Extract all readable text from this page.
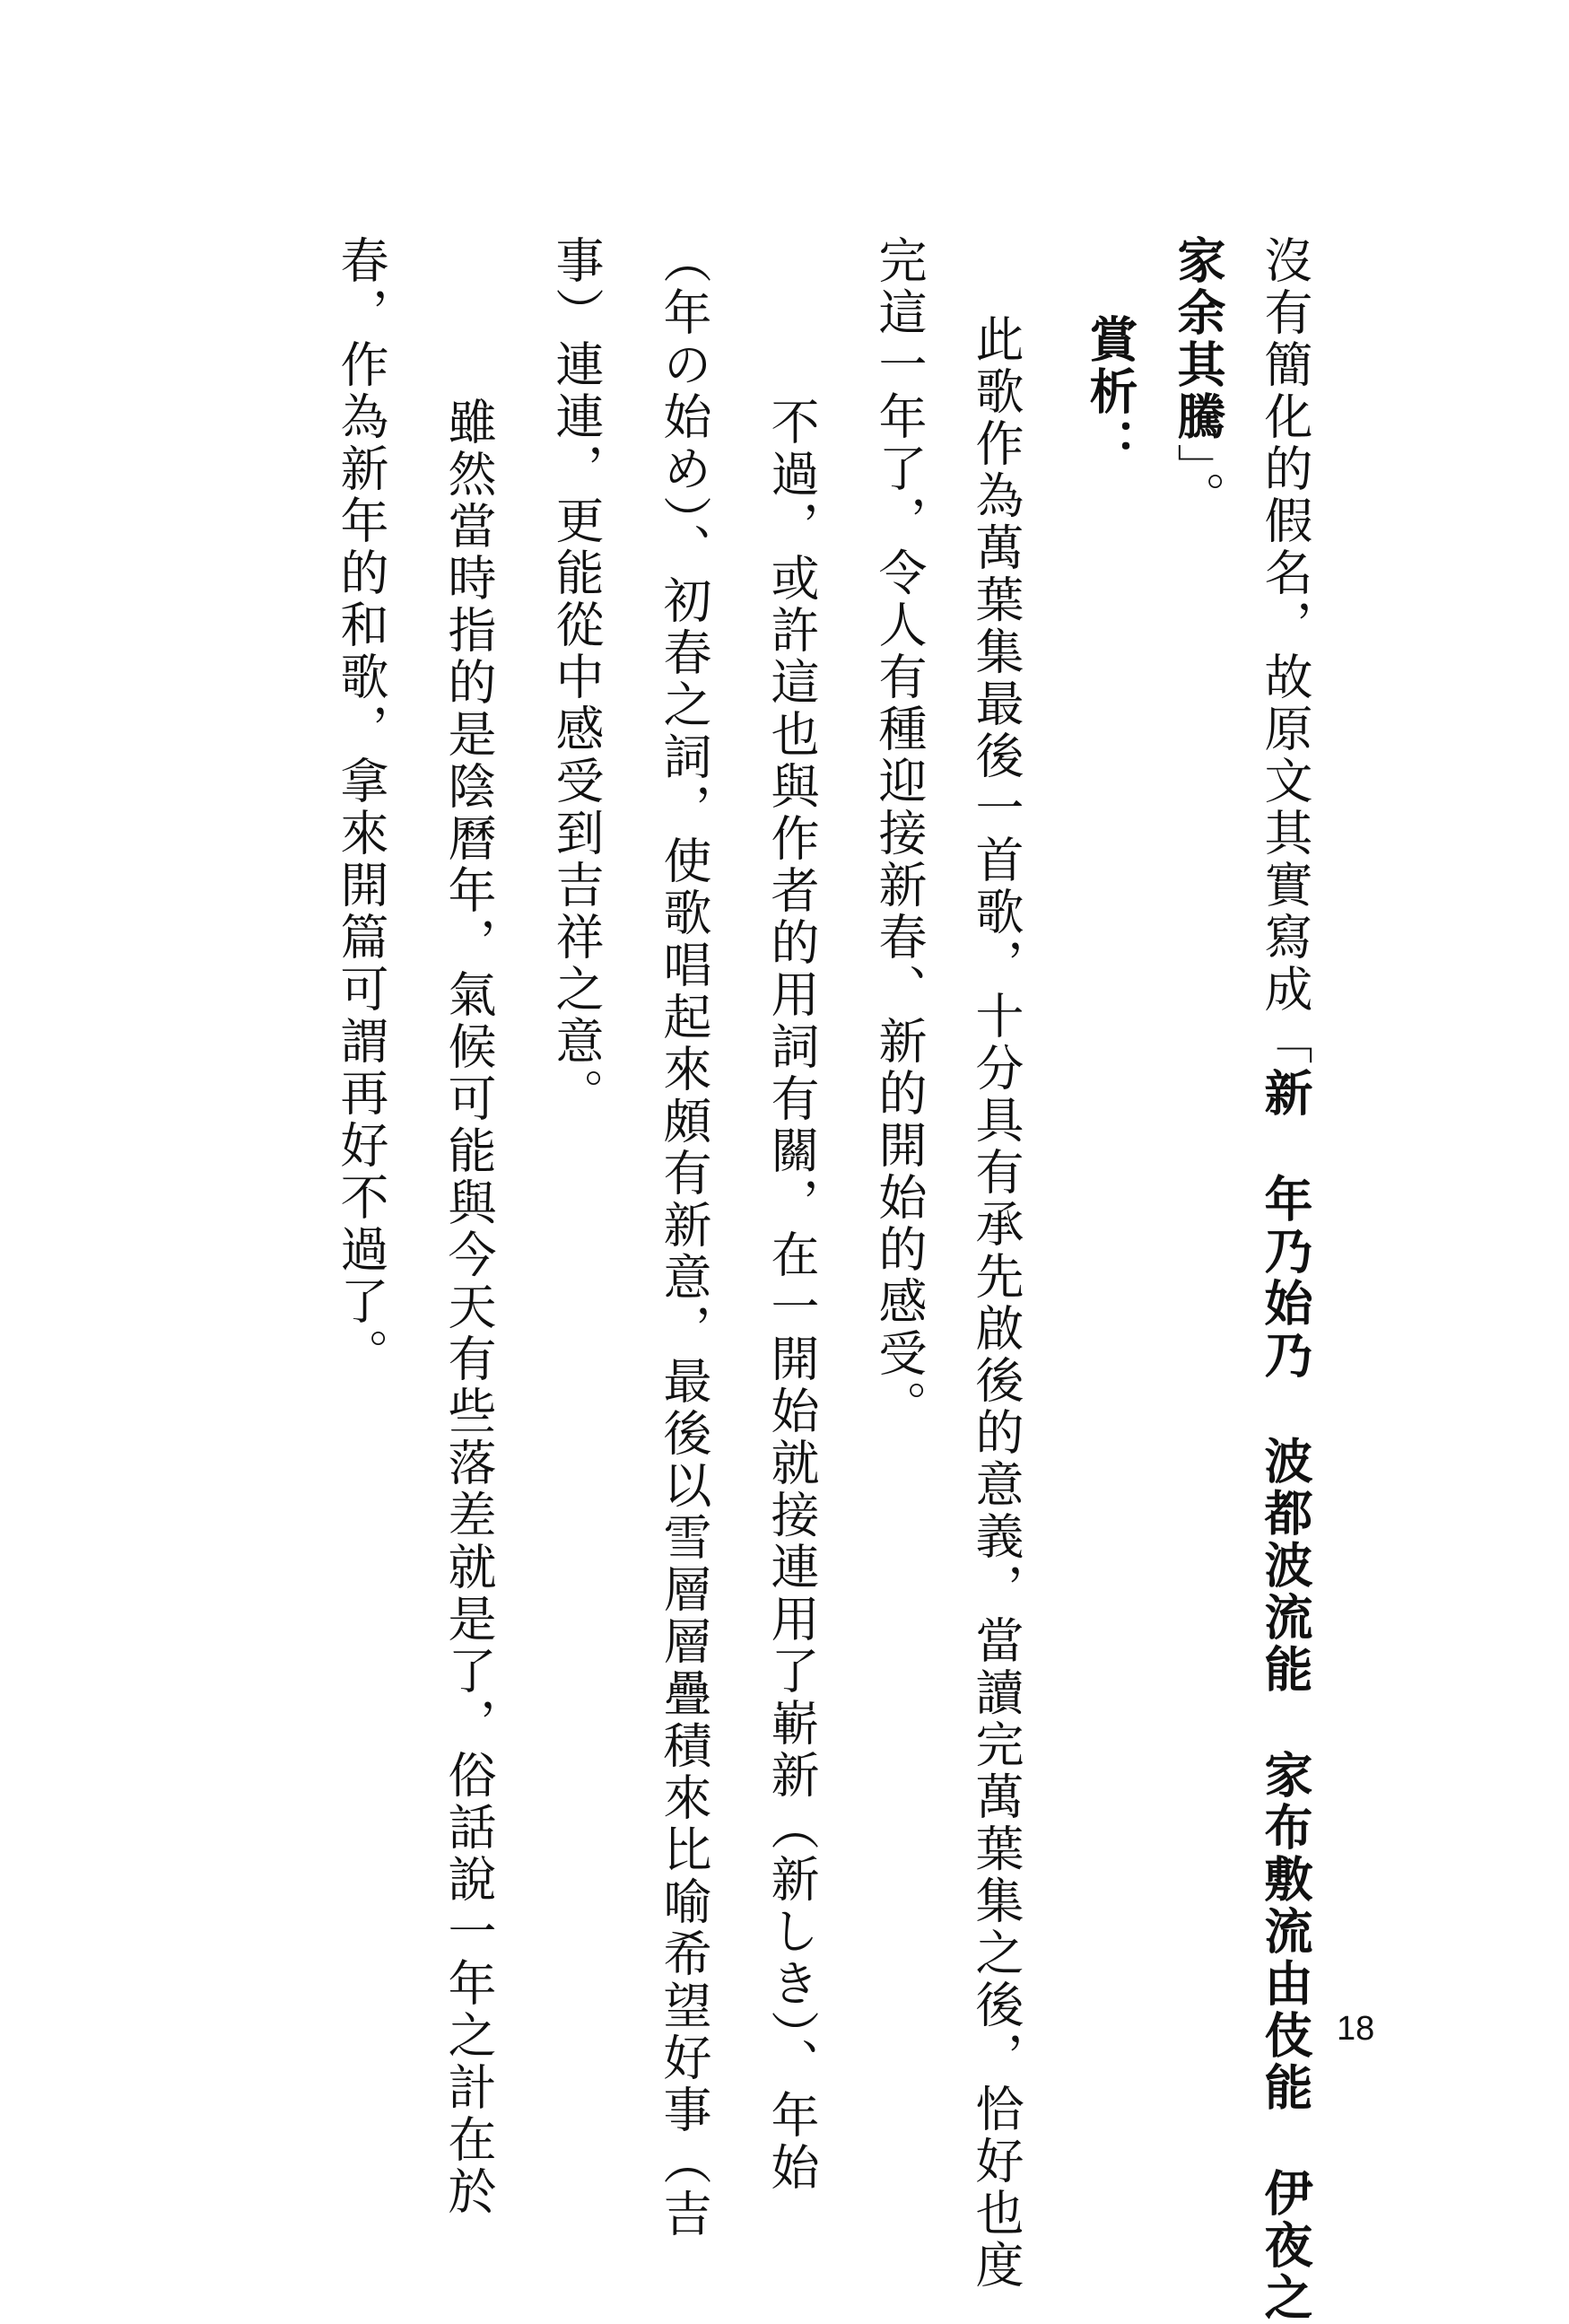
沒有簡化的假名，故原文其實寫成「新年乃始乃波都波流能家布敷流由伎能伊夜之

家余其騰」。

賞析：

此歌作為萬葉集最後一首歌，十分具有承先啟後的意義，當讀完萬葉集之後，恰好也度

完這一年了，令人有種迎接新春、新的開始的感受。

不過，或許這也與作者的用詞有關，在一開始就接連用了嶄新（新しき）、年始

（年の始め）、初春之詞，使歌唱起來頗有新意，最後以雪層層疊積來比喻希望好事（吉

事）連連，更能從中感受到吉祥之意。

雖然當時指的是陰曆年，氣候可能與今天有些落差就是了，俗話說一年之計在於

春，作為新年的和歌，拿來開篇可謂再好不過了。

18
